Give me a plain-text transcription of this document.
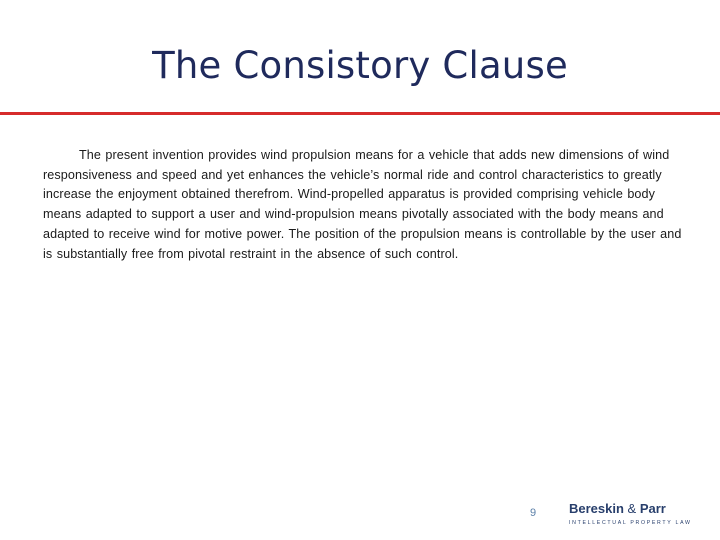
The Consistory Clause

The present invention provides wind propulsion means for a vehicle that adds new dimensions of wind responsiveness and speed and yet enhances the vehicle’s normal ride and control characteristics to greatly increase the enjoyment obtained therefrom. Wind-propelled apparatus is provided comprising vehicle body means adapted to support a user and wind-propulsion means pivotally associated with the body means and adapted to receive wind for motive power. The position of the propulsion means is controllable by the user and is substantially free from pivotal restraint in the absence of such control.

9	Bereskin & Parr
INTELLECTUAL PROPERTY LAW
